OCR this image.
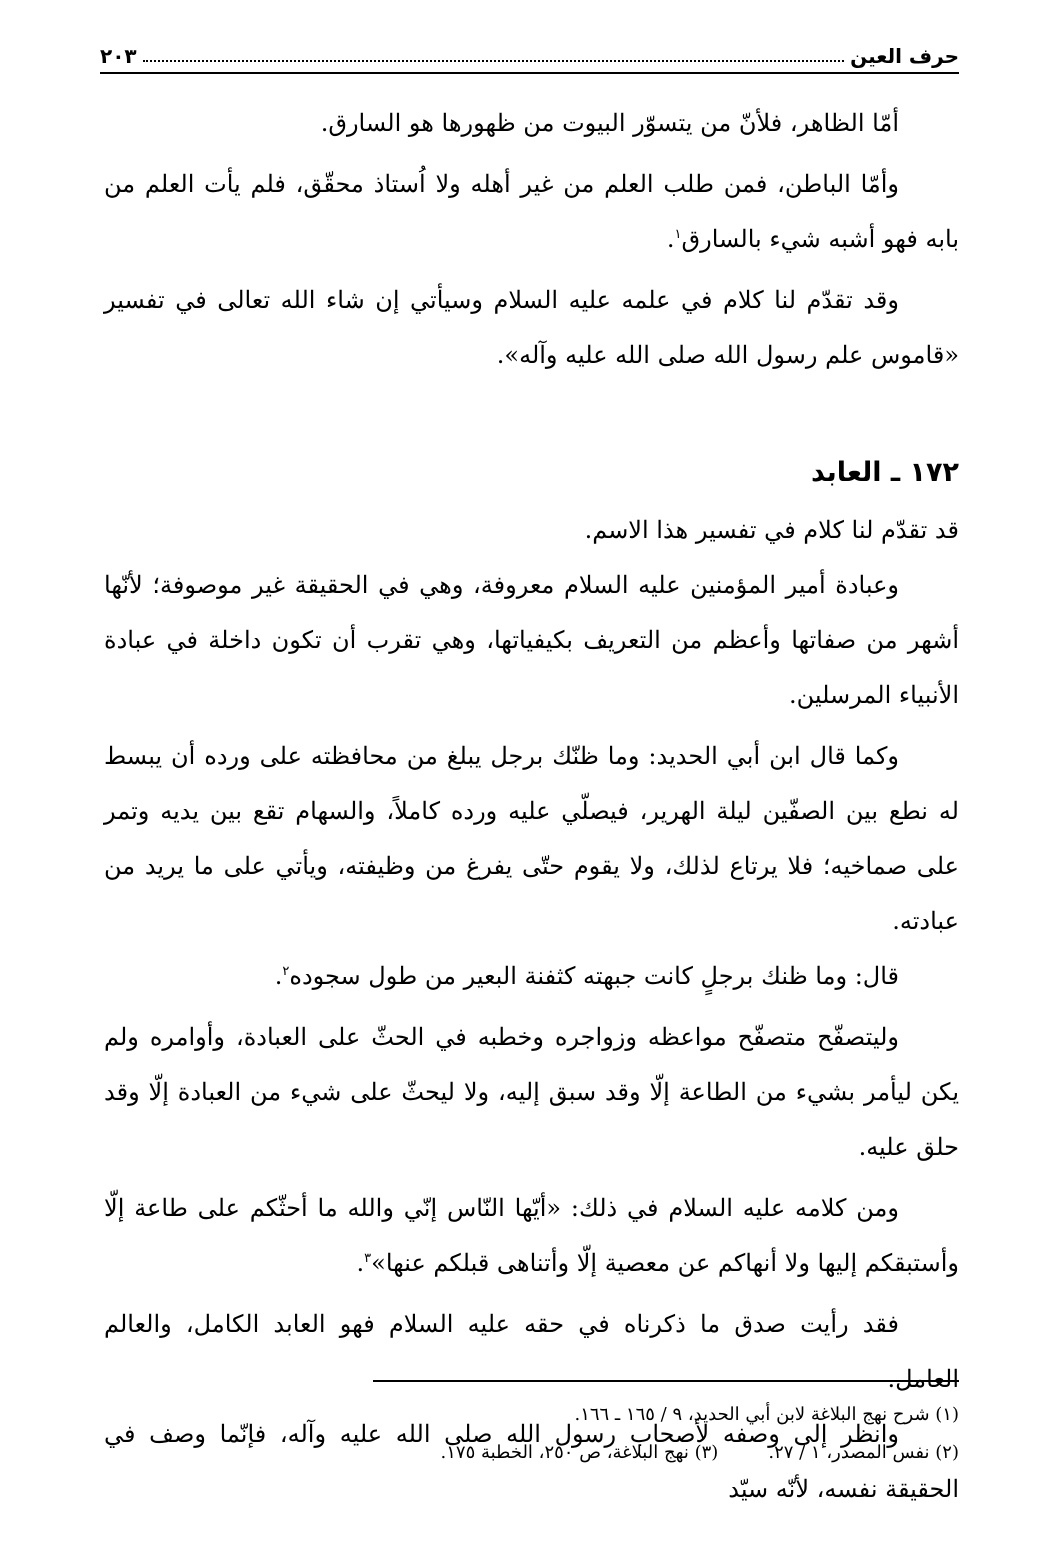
حرف العين
٢٠٣

أمّا الظاهر، فلأنّ من يتسوّر البيوت من ظهورها هو السارق.

وأمّا الباطن، فمن طلب العلم من غير أهله ولا اُستاذ محقّق، فلم يأت العلم من بابه فهو أشبه شيء بالسارق$^١$.

وقد تقدّم لنا كلام في علمه عليه السلام وسيأتي إن شاء الله تعالى في تفسير «قاموس علم رسول الله صلى الله عليه وآله».

١٧٢ ـ العابد

قد تقدّم لنا كلام في تفسير هذا الاسم.

وعبادة أمير المؤمنين عليه السلام معروفة، وهي في الحقيقة غير موصوفة؛ لأنّها أشهر من صفاتها وأعظم من التعريف بكيفياتها، وهي تقرب أن تكون داخلة في عبادة الأنبياء المرسلين.

وكما قال ابن أبي الحديد: وما ظنّك برجل يبلغ من محافظته على ورده أن يبسط له نطع بين الصفّين ليلة الهرير، فيصلّي عليه ورده كاملاً، والسهام تقع بين يديه وتمر على صماخيه؛ فلا يرتاع لذلك، ولا يقوم حتّى يفرغ من وظيفته، ويأتي على ما يريد من عبادته.

قال: وما ظنك برجلٍ كانت جبهته كثفنة البعير من طول سجوده$^٢$.

وليتصفّح متصفّح مواعظه وزواجره وخطبه في الحثّ على العبادة، وأوامره ولم يكن ليأمر بشيء من الطاعة إلّا وقد سبق إليه، ولا ليحثّ على شيء من العبادة إلّا وقد حلق عليه.

ومن كلامه عليه السلام في ذلك: «أيّها النّاس إنّي والله ما أحثّكم على طاعة إلّا وأستبقكم إليها ولا أنهاكم عن معصية إلّا وأتناهى قبلكم عنها»$^٣$.

فقد رأيت صدق ما ذكرناه في حقه عليه السلام فهو العابد الكامل، والعالم العامل.

وانظر إلى وصفه لأصحاب رسول الله صلى الله عليه وآله، فإنّما وصف في الحقيقة نفسه، لأنّه سيّد

(١) شرح نهج البلاغة لابن أبي الحديد، ٩ / ١٦٥ ـ ١٦٦.
(٢) نفس المصدر، ١ / ٢٧.
(٣) نهج البلاغة، ص ٢٥٠، الخطبة ١٧٥.
